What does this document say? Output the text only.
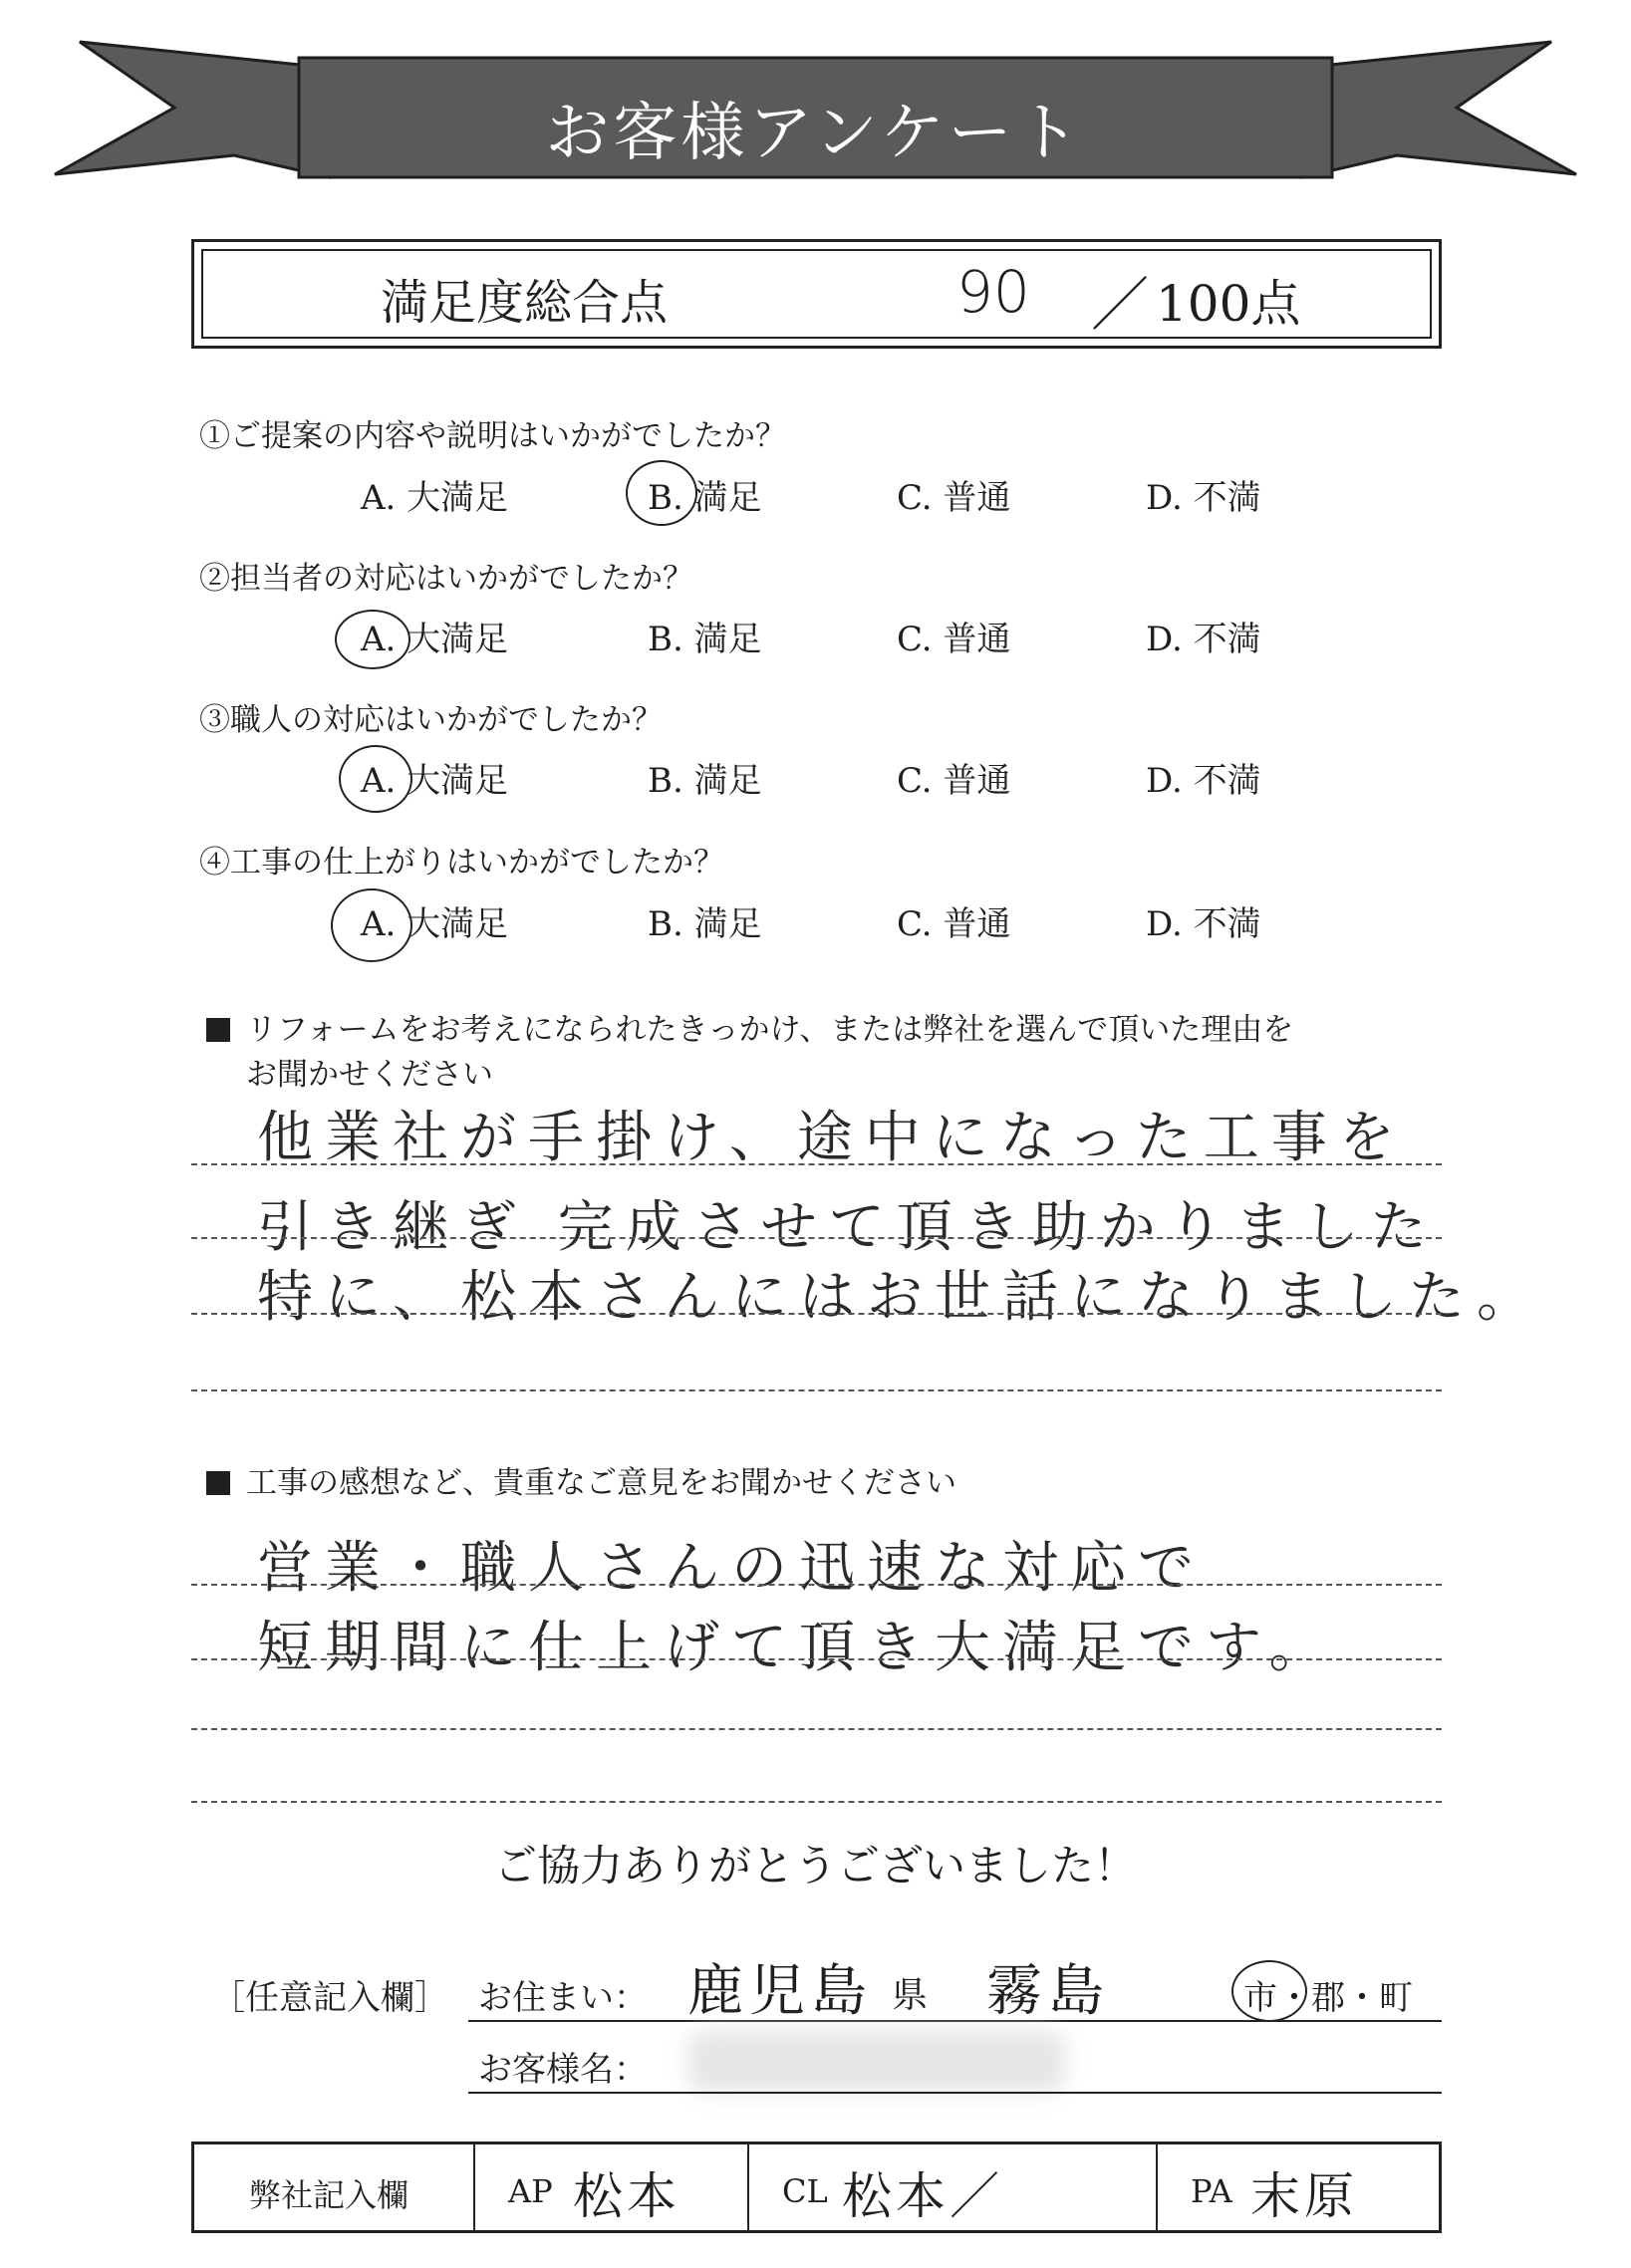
お客様アンケート
満足度総合点	90 ／ 100点
①ご提案の内容や説明はいかがでしたか？
A. 大満足	B. 満足	C. 普通	D. 不満
②担当者の対応はいかがでしたか？
A. 大満足	B. 満足	C. 普通	D. 不満
③職人の対応はいかがでしたか？
A. 大満足	B. 満足	C. 普通	D. 不満
④工事の仕上がりはいかがでしたか？
A. 大満足	B. 満足	C. 普通	D. 不満
リフォームをお考えになられたきっかけ、または弊社を選んで頂いた理由を
お聞かせください
他業社が手掛け、途中になった工事を
引き継ぎ 完成させて頂き助かりました
特に、松本さんにはお世話になりました。
工事の感想など、貴重なご意見をお聞かせください
営業・職人さんの迅速な対応で
短期間に仕上げて頂き大満足です。
ご協力ありがとうございました！
［任意記入欄］ お住まい： 鹿児島 県 霧島	市・郡・町
お客様名：
弊社記入欄	AP 松本	CL 松本／	PA 末原
